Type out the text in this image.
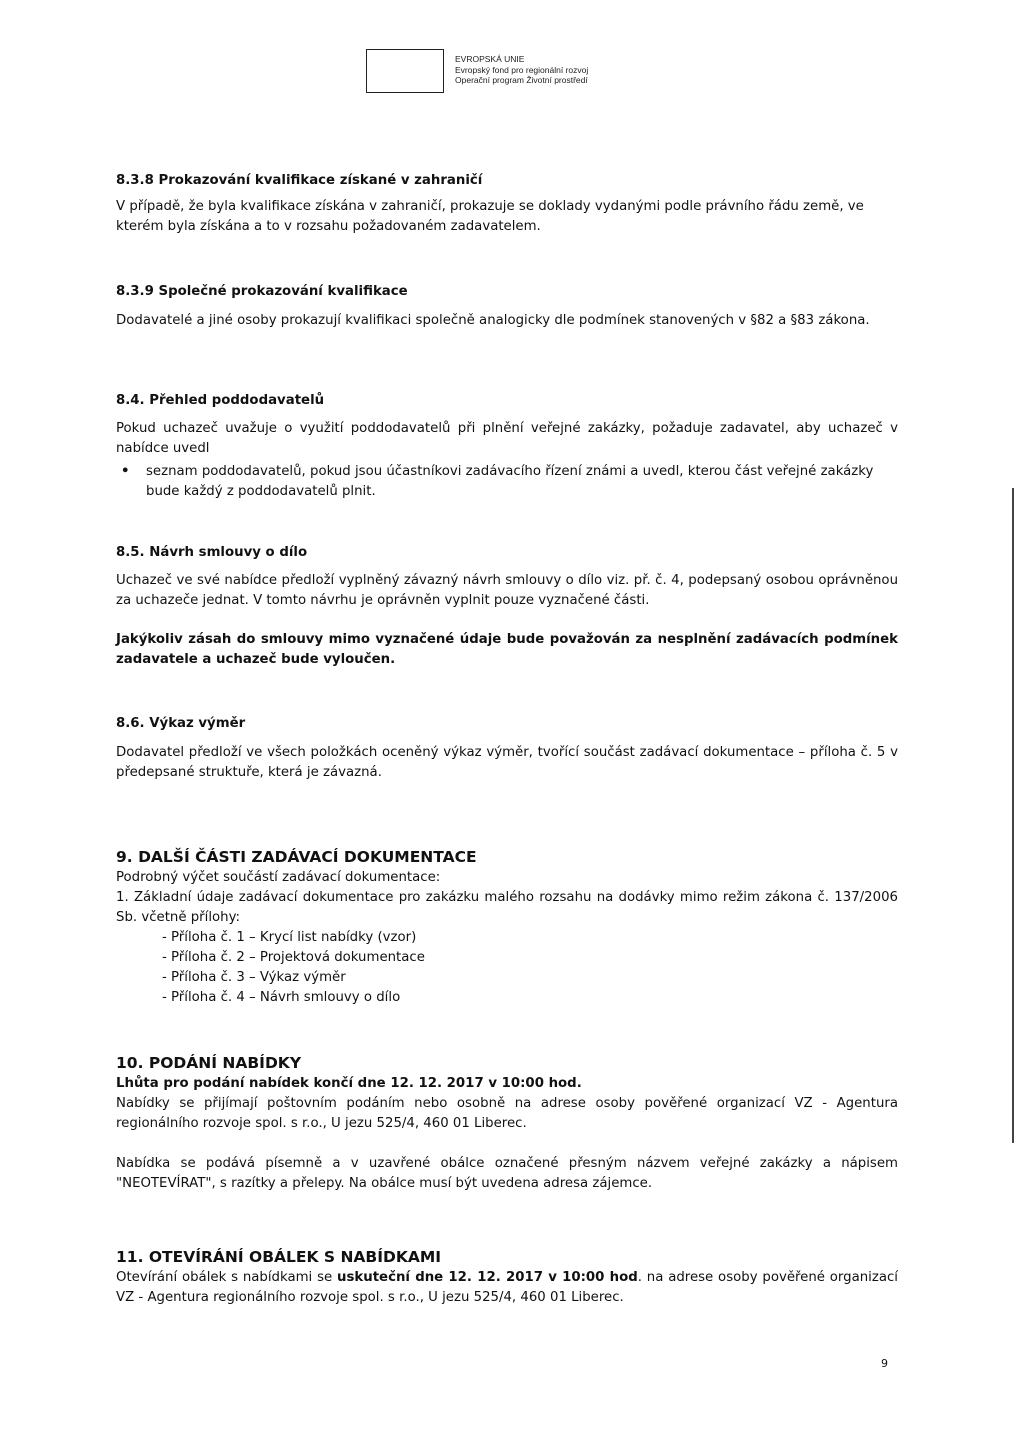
EVROPSKÁ UNIE
Evropský fond pro regionální rozvoj
Operační program Životní prostředí

8.3.8 Prokazování kvalifikace získané v zahraničí

V případě, že byla kvalifikace získána v zahraničí, prokazuje se doklady vydanými podle právního řádu země, ve kterém byla získána a to v rozsahu požadovaném zadavatelem.

8.3.9 Společné prokazování kvalifikace

Dodavatelé a jiné osoby prokazují kvalifikaci společně analogicky dle podmínek stanovených v §82 a §83 zákona.

8.4. Přehled poddodavatelů

Pokud uchazeč uvažuje o využití poddodavatelů při plnění veřejné zakázky, požaduje zadavatel, aby uchazeč v nabídce uvedl

•	seznam poddodavatelů, pokud jsou účastníkovi zadávacího řízení známi a uvedl, kterou část veřejné zakázky bude každý z poddodavatelů plnit.

8.5. Návrh smlouvy o dílo

Uchazeč ve své nabídce předloží vyplněný závazný návrh smlouvy o dílo viz. př. č. 4, podepsaný osobou oprávněnou za uchazeče jednat. V tomto návrhu je oprávněn vyplnit pouze vyznačené části.

Jakýkoliv zásah do smlouvy mimo vyznačené údaje bude považován za nesplnění zadávacích podmínek zadavatele a uchazeč bude vyloučen.

8.6. Výkaz výměr

Dodavatel předloží ve všech položkách oceněný výkaz výměr, tvořící součást zadávací dokumentace – příloha č. 5 v předepsané struktuře, která je závazná.

9. DALŠÍ ČÁSTI ZADÁVACÍ DOKUMENTACE

Podrobný výčet součástí zadávací dokumentace:

1. Základní údaje zadávací dokumentace pro zakázku malého rozsahu na dodávky mimo režim zákona č. 137/2006 Sb. včetně přílohy:

- Příloha č. 1 – Krycí list nabídky (vzor)

- Příloha č. 2 – Projektová dokumentace

- Příloha č. 3 – Výkaz výměr

- Příloha č. 4 – Návrh smlouvy o dílo

10. PODÁNÍ NABÍDKY

Lhůta pro podání nabídek končí dne 12. 12. 2017 v 10:00 hod.

Nabídky se přijímají poštovním podáním nebo osobně na adrese osoby pověřené organizací VZ - Agentura regionálního rozvoje spol. s r.o., U jezu 525/4, 460 01 Liberec.

Nabídka se podává písemně a v uzavřené obálce označené přesným názvem veřejné zakázky a nápisem "NEOTEVÍRAT", s razítky a přelepy. Na obálce musí být uvedena adresa zájemce.

11. OTEVÍRÁNÍ OBÁLEK S NABÍDKAMI

Otevírání obálek s nabídkami se uskuteční dne 12. 12. 2017 v 10:00 hod. na adrese osoby pověřené organizací VZ - Agentura regionálního rozvoje spol. s r.o., U jezu 525/4, 460 01 Liberec.

9
